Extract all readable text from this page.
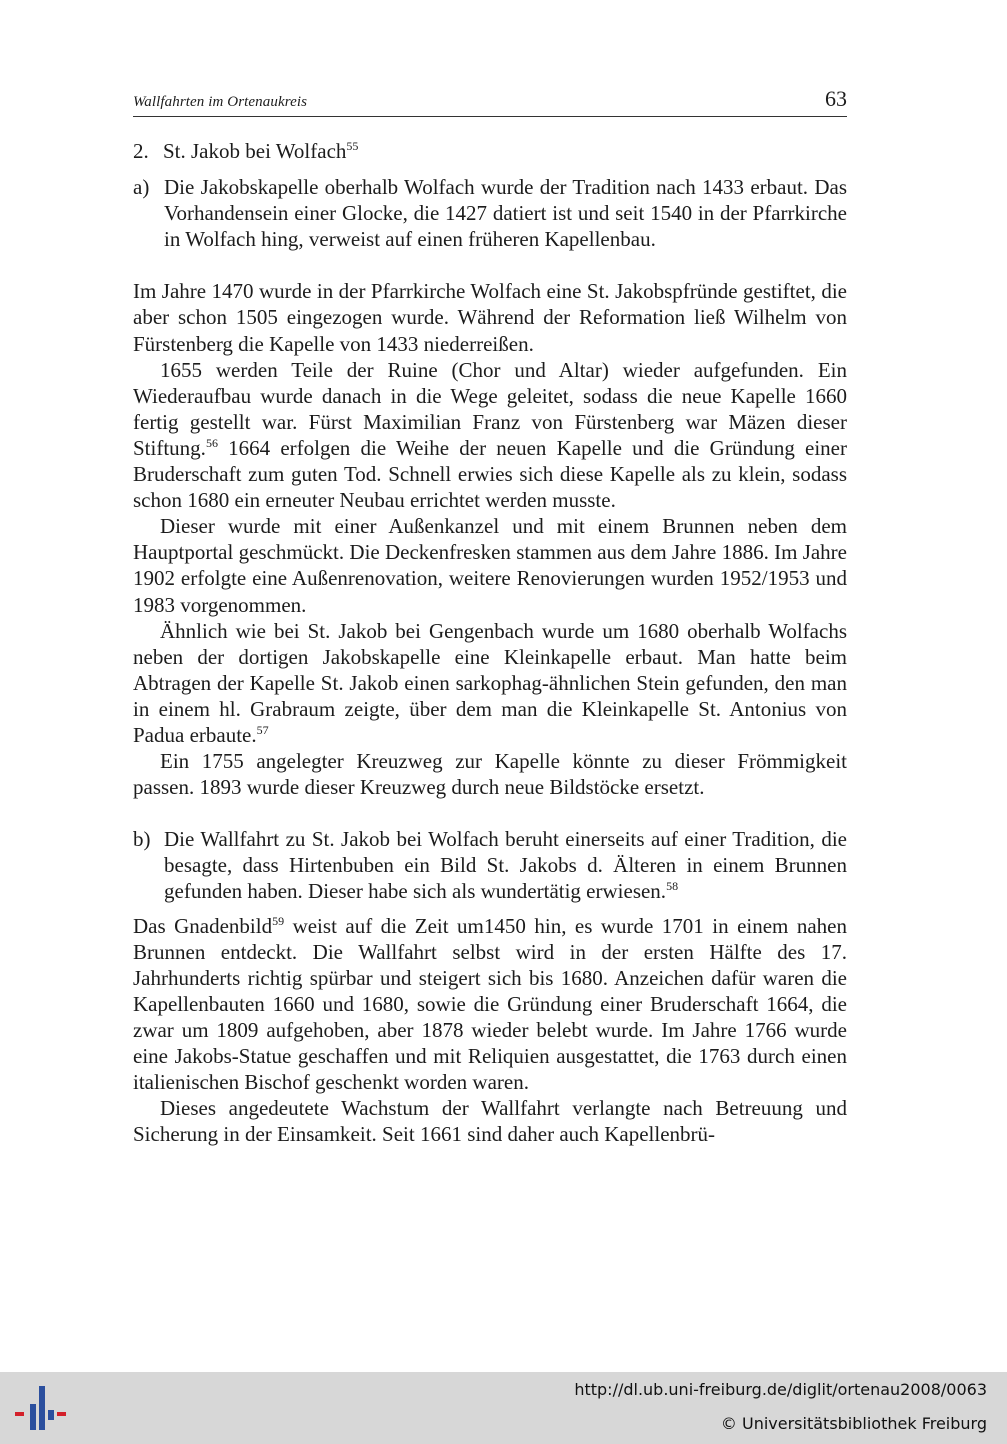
Wallfahrten im Ortenaukreis	63
2. St. Jakob bei Wolfach$^{55}$
a) Die Jakobskapelle oberhalb Wolfach wurde der Tradition nach 1433 erbaut. Das Vorhandensein einer Glocke, die 1427 datiert ist und seit 1540 in der Pfarrkirche in Wolfach hing, verweist auf einen früheren Kapellenbau.

Im Jahre 1470 wurde in der Pfarrkirche Wolfach eine St. Jakobspfründe gestiftet, die aber schon 1505 eingezogen wurde. Während der Reformation ließ Wilhelm von Fürstenberg die Kapelle von 1433 niederreißen.

1655 werden Teile der Ruine (Chor und Altar) wieder aufgefunden. Ein Wiederaufbau wurde danach in die Wege geleitet, sodass die neue Kapelle 1660 fertig gestellt war. Fürst Maximilian Franz von Fürstenberg war Mäzen dieser Stiftung.$^{56}$ 1664 erfolgen die Weihe der neuen Kapelle und die Gründung einer Bruderschaft zum guten Tod. Schnell erwies sich diese Kapelle als zu klein, sodass schon 1680 ein erneuter Neubau errichtet werden musste.

Dieser wurde mit einer Außenkanzel und mit einem Brunnen neben dem Hauptportal geschmückt. Die Deckenfresken stammen aus dem Jahre 1886. Im Jahre 1902 erfolgte eine Außenrenovation, weitere Renovierungen wurden 1952/1953 und 1983 vorgenommen.

Ähnlich wie bei St. Jakob bei Gengenbach wurde um 1680 oberhalb Wolfachs neben der dortigen Jakobskapelle eine Kleinkapelle erbaut. Man hatte beim Abtragen der Kapelle St. Jakob einen sarkophag-ähnlichen Stein gefunden, den man in einem hl. Grabraum zeigte, über dem man die Kleinkapelle St. Antonius von Padua erbaute.$^{57}$

Ein 1755 angelegter Kreuzweg zur Kapelle könnte zu dieser Frömmigkeit passen. 1893 wurde dieser Kreuzweg durch neue Bildstöcke ersetzt.

b) Die Wallfahrt zu St. Jakob bei Wolfach beruht einerseits auf einer Tradition, die besagte, dass Hirtenbuben ein Bild St. Jakobs d. Älteren in einem Brunnen gefunden haben. Dieser habe sich als wundertätig erwiesen.$^{58}$

Das Gnadenbild$^{59}$ weist auf die Zeit um1450 hin, es wurde 1701 in einem nahen Brunnen entdeckt. Die Wallfahrt selbst wird in der ersten Hälfte des 17. Jahrhunderts richtig spürbar und steigert sich bis 1680. Anzeichen dafür waren die Kapellenbauten 1660 und 1680, sowie die Gründung einer Bruderschaft 1664, die zwar um 1809 aufgehoben, aber 1878 wieder belebt wurde. Im Jahre 1766 wurde eine Jakobs-Statue geschaffen und mit Reliquien ausgestattet, die 1763 durch einen italienischen Bischof geschenkt worden waren.

Dieses angedeutete Wachstum der Wallfahrt verlangte nach Betreuung und Sicherung in der Einsamkeit. Seit 1661 sind daher auch Kapellenbrü-

http://dl.ub.uni-freiburg.de/diglit/ortenau2008/0063
© Universitätsbibliothek Freiburg
